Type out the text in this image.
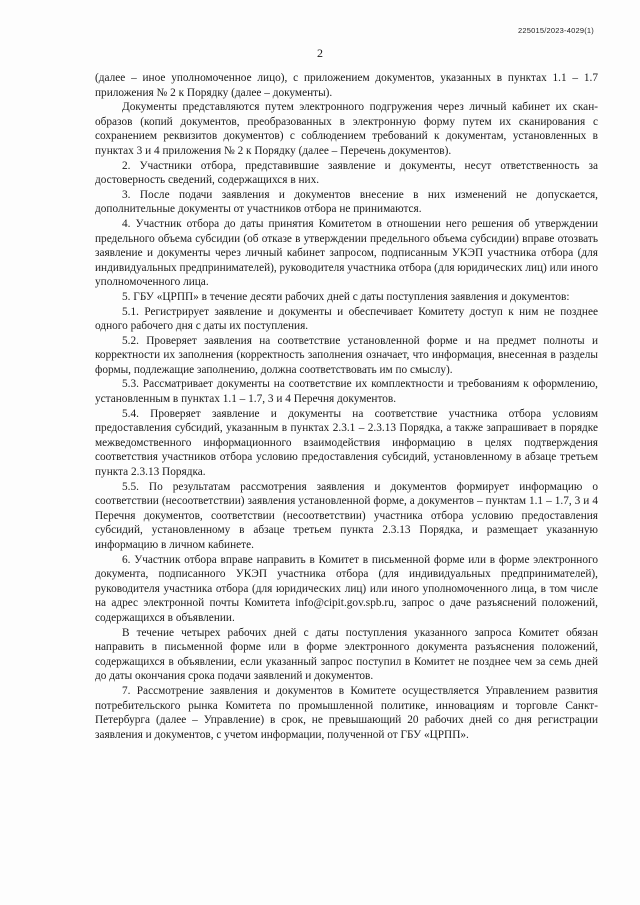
225015/2023-4029(1)
2

(далее – иное уполномоченное лицо), с приложением документов, указанных в пунктах 1.1 – 1.7 приложения № 2 к Порядку (далее – документы).

Документы представляются путем электронного подгружения через личный кабинет их скан-образов (копий документов, преобразованных в электронную форму путем их сканирования с сохранением реквизитов документов) с соблюдением требований к документам, установленных в пунктах 3 и 4 приложения № 2 к Порядку (далее – Перечень документов).

2. Участники отбора, представившие заявление и документы, несут ответственность за достоверность сведений, содержащихся в них.

3. После подачи заявления и документов внесение в них изменений не допускается, дополнительные документы от участников отбора не принимаются.

4. Участник отбора до даты принятия Комитетом в отношении него решения об утверждении предельного объема субсидии (об отказе в утверждении предельного объема субсидии) вправе отозвать заявление и документы через личный кабинет запросом, подписанным УКЭП участника отбора (для индивидуальных предпринимателей), руководителя участника отбора (для юридических лиц) или иного уполномоченного лица.

5. ГБУ «ЦРПП» в течение десяти рабочих дней с даты поступления заявления и документов:

5.1. Регистрирует заявление и документы и обеспечивает Комитету доступ к ним не позднее одного рабочего дня с даты их поступления.

5.2. Проверяет заявления на соответствие установленной форме и на предмет полноты и корректности их заполнения (корректность заполнения означает, что информация, внесенная в разделы формы, подлежащие заполнению, должна соответствовать им по смыслу).

5.3. Рассматривает документы на соответствие их комплектности и требованиям к оформлению, установленным в пунктах 1.1 – 1.7, 3 и 4 Перечня документов.

5.4. Проверяет заявление и документы на соответствие участника отбора условиям предоставления субсидий, указанным в пунктах 2.3.1 – 2.3.13 Порядка, а также запрашивает в порядке межведомственного информационного взаимодействия информацию в целях подтверждения соответствия участников отбора условию предоставления субсидий, установленному в абзаце третьем пункта 2.3.13 Порядка.

5.5. По результатам рассмотрения заявления и документов формирует информацию о соответствии (несоответствии) заявления установленной форме, а документов – пунктам 1.1 – 1.7, 3 и 4 Перечня документов, соответствии (несоответствии) участника отбора условию предоставления субсидий, установленному в абзаце третьем пункта 2.3.13 Порядка, и размещает указанную информацию в личном кабинете.

6. Участник отбора вправе направить в Комитет в письменной форме или в форме электронного документа, подписанного УКЭП участника отбора (для индивидуальных предпринимателей), руководителя участника отбора (для юридических лиц) или иного уполномоченного лица, в том числе на адрес электронной почты Комитета info@cipit.gov.spb.ru, запрос о даче разъяснений положений, содержащихся в объявлении.

В течение четырех рабочих дней с даты поступления указанного запроса Комитет обязан направить в письменной форме или в форме электронного документа разъяснения положений, содержащихся в объявлении, если указанный запрос поступил в Комитет не позднее чем за семь дней до даты окончания срока подачи заявлений и документов.

7. Рассмотрение заявления и документов в Комитете осуществляется Управлением развития потребительского рынка Комитета по промышленной политике, инновациям и торговле Санкт-Петербурга (далее – Управление) в срок, не превышающий 20 рабочих дней со дня регистрации заявления и документов, с учетом информации, полученной от ГБУ «ЦРПП».
